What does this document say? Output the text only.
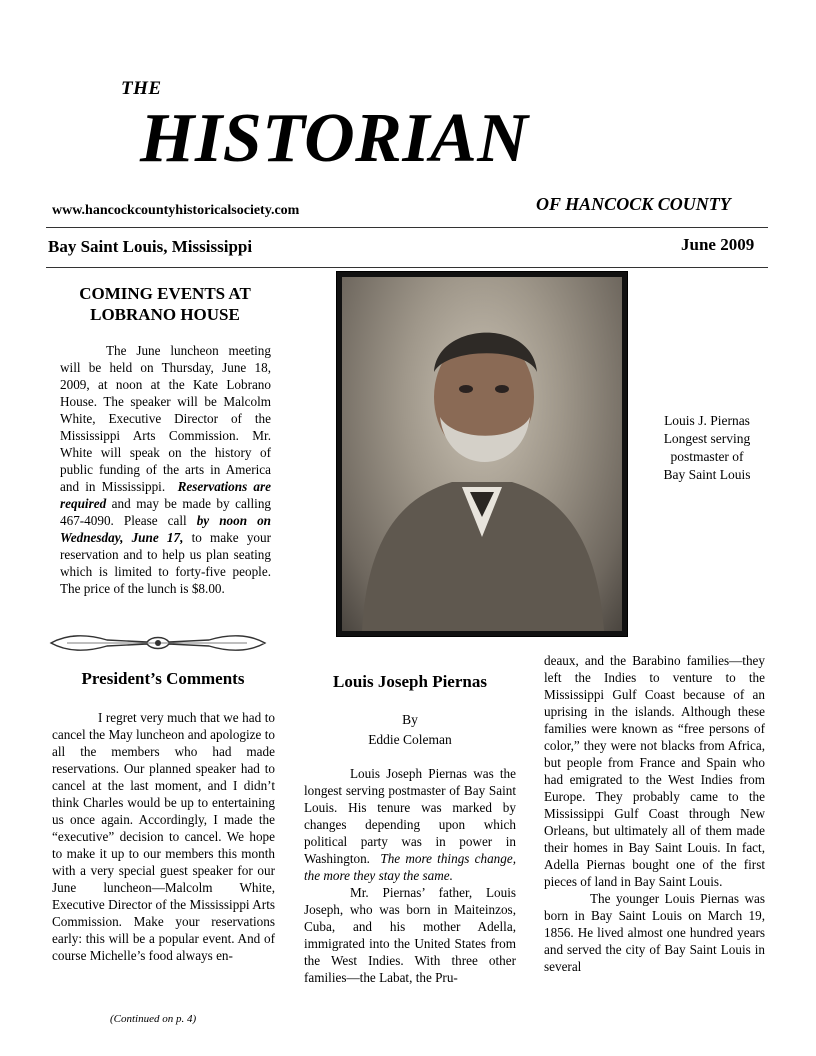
THE
HISTORIAN
www.hancockcountyhistoricalsociety.com	OF HANCOCK COUNTY
Bay Saint Louis, Mississippi	June 2009
COMING EVENTS AT
LOBRANO HOUSE

The June luncheon meeting will be held on Thursday, June 18, 2009, at noon at the Kate Lobrano House. The speaker will be Malcolm White, Executive Director of the Mississippi Arts Commission. Mr. White will speak on the history of public funding of the arts in America and in Mississippi. Reservations are required and may be made by calling 467-4090. Please call by noon on Wednesday, June 17, to make your reservation and to help us plan seating which is limited to forty-five people. The price of the lunch is $8.00.

Louis J. Piernas
Longest serving
postmaster of
Bay Saint Louis
President’s Comments

I regret very much that we had to cancel the May luncheon and apologize to all the members who had made reservations. Our planned speaker had to cancel at the last moment, and I didn’t think Charles would be up to entertaining us once again. Accordingly, I made the “executive” decision to cancel. We hope to make it up to our members this month with a very special guest speaker for our June luncheon—Malcolm White, Executive Director of the Mississippi Arts Commission. Make your reservations early: this will be a popular event. And of course Michelle’s food always en-

(Continued on p. 4)
Louis Joseph Piernas
By
Eddie Coleman

Louis Joseph Piernas was the longest serving postmaster of Bay Saint Louis. His tenure was marked by changes depending upon which political party was in power in Washington. The more things change, the more they stay the same.

Mr. Piernas’ father, Louis Joseph, who was born in Maiteinzos, Cuba, and his mother Adella, immigrated into the United States from the West Indies. With three other families—the Labat, the Pru-

deaux, and the Barabino families—they left the Indies to venture to the Mississippi Gulf Coast because of an uprising in the islands. Although these families were known as “free persons of color,” they were not blacks from Africa, but people from France and Spain who had emigrated to the West Indies from Europe. They probably came to the Mississippi Gulf Coast through New Orleans, but ultimately all of them made their homes in Bay Saint Louis. In fact, Adella Piernas bought one of the first pieces of land in Bay Saint Louis.

The younger Louis Piernas was born in Bay Saint Louis on March 19, 1856. He lived almost one hundred years and served the city of Bay Saint Louis in several
